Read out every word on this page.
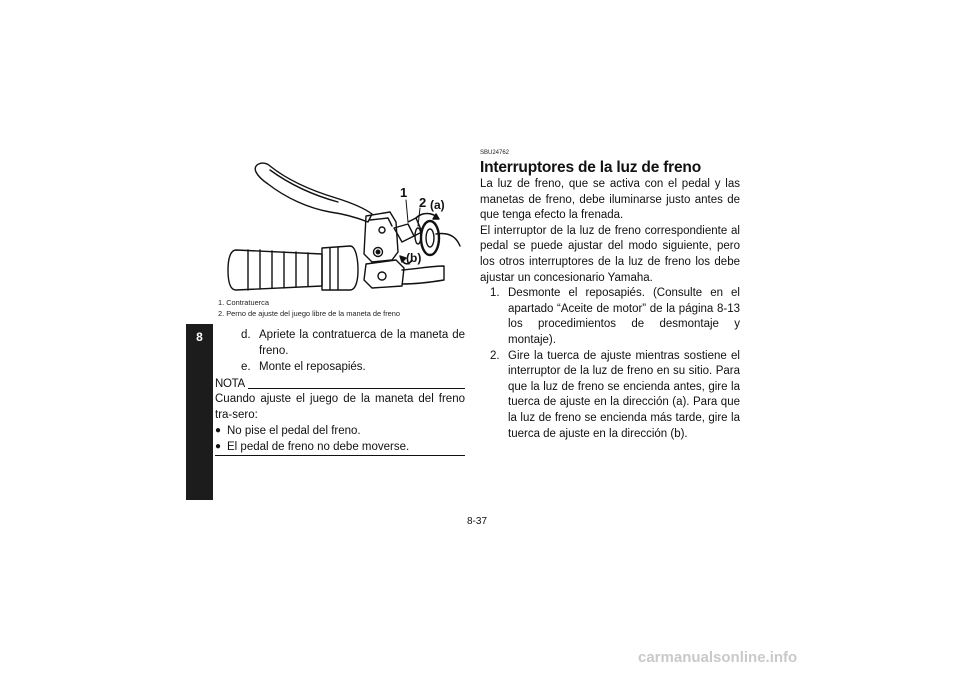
8
1
2 (a)
(b)
1. Contratuerca
2. Perno de ajuste del juego libre de la maneta de freno
d. Apriete la contratuerca de la maneta de freno.
e. Monte el reposapiés.
NOTA
Cuando ajuste el juego de la maneta del freno tra-sero:
● No pise el pedal del freno.
● El pedal de freno no debe moverse.
SBU24762
Interruptores de la luz de freno
La luz de freno, que se activa con el pedal y las manetas de freno, debe iluminarse justo antes de que tenga efecto la frenada.
El interruptor de la luz de freno correspondiente al pedal se puede ajustar del modo siguiente, pero los otros interruptores de la luz de freno los debe ajustar un concesionario Yamaha.
1. Desmonte el reposapiés. (Consulte en el apartado “Aceite de motor” de la página 8-13 los procedimientos de desmontaje y montaje).
2. Gire la tuerca de ajuste mientras sostiene el interruptor de la luz de freno en su sitio. Para que la luz de freno se encienda antes, gire la tuerca de ajuste en la dirección (a). Para que la luz de freno se encienda más tarde, gire la tuerca de ajuste en la dirección (b).
8-37
carmanualsonline.info
